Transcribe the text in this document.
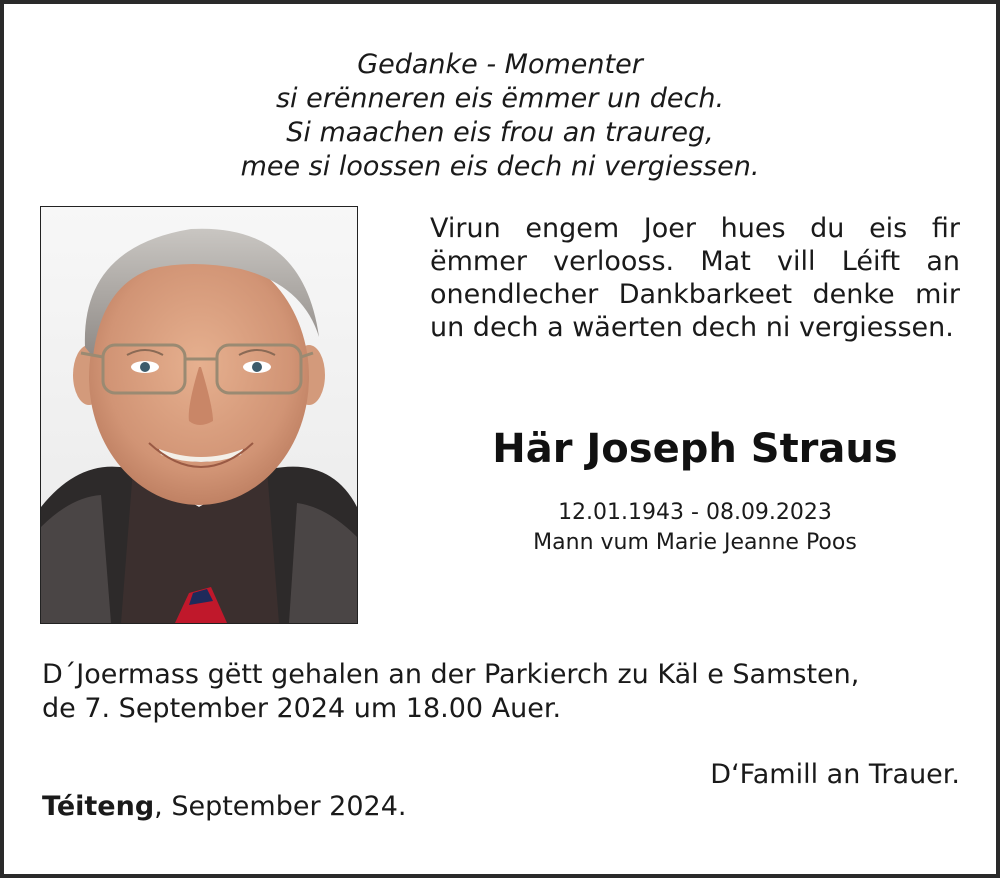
Gedanke - Momenter
si erënneren eis ëmmer un dech.
Si maachen eis frou an traureg,
mee si loossen eis dech ni vergiessen.
Virun engem Joer hues du eis fir ëmmer verlooss. Mat vill Léift an onendlecher Dankbarkeet denke mir un dech a wäerten dech ni vergiessen.
Här Joseph Straus
12.01.1943 - 08.09.2023
Mann vum Marie Jeanne Poos
D´Joermass gëtt gehalen an der Parkierch zu Käl e Samsten,
de 7. September 2024 um 18.00 Auer.
D‘Famill an Trauer.
Téiteng, September 2024.
